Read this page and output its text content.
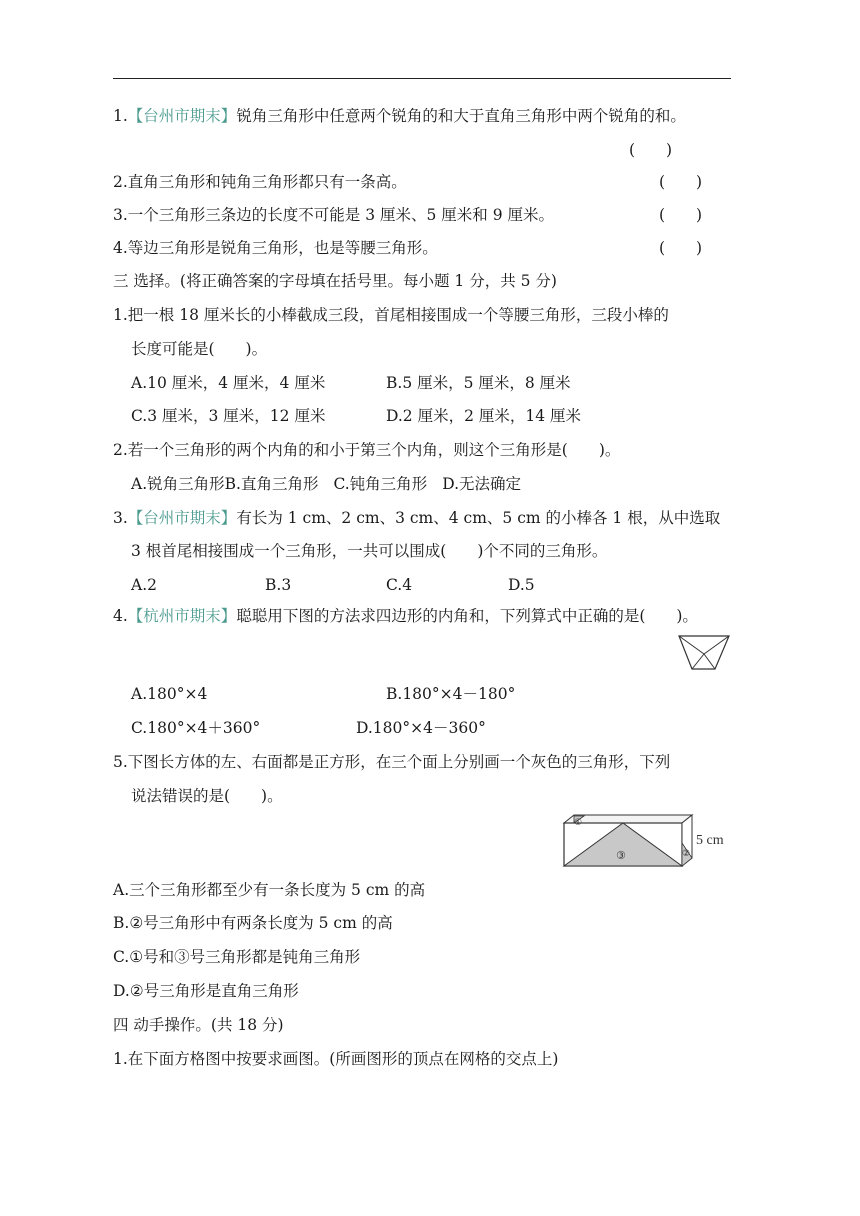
1.【台州市期末】锐角三角形中任意两个锐角的和大于直角三角形中两个锐角的和。
(　　)
2.直角三角形和钝角三角形都只有一条高。	(　　)
3.一个三角形三条边的长度不可能是 3 厘米、5 厘米和 9 厘米。	(　　)
4.等边三角形是锐角三角形，也是等腰三角形。	(　　)
三 选择。(将正确答案的字母填在括号里。每小题 1 分，共 5 分)
1.把一根 18 厘米长的小棒截成三段，首尾相接围成一个等腰三角形，三段小棒的
长度可能是(　　)。
A.10 厘米，4 厘米，4 厘米	B.5 厘米，5 厘米，8 厘米
C.3 厘米，3 厘米，12 厘米	D.2 厘米，2 厘米，14 厘米
2.若一个三角形的两个内角的和小于第三个内角，则这个三角形是(　　)。
A.锐角三角形B.直角三角形 C.钝角三角形 D.无法确定
3.【台州市期末】有长为 1 cm、2 cm、3 cm、4 cm、5 cm 的小棒各 1 根，从中选取
3 根首尾相接围成一个三角形，一共可以围成(　　)个不同的三角形。
A.2	B.3	C.4	D.5
4.【杭州市期末】聪聪用下图的方法求四边形的内角和，下列算式中正确的是(　　)。
A.180°×4	B.180°×4－180°
C.180°×4＋360°	D.180°×4－360°
5.下图长方体的左、右面都是正方形，在三个面上分别画一个灰色的三角形，下列
说法错误的是(　　)。
①
②
③
5 cm
A.三个三角形都至少有一条长度为 5 cm 的高
B.②号三角形中有两条长度为 5 cm 的高
C.①号和③号三角形都是钝角三角形
D.②号三角形是直角三角形
四 动手操作。(共 18 分)
1.在下面方格图中按要求画图。(所画图形的顶点在网格的交点上)
